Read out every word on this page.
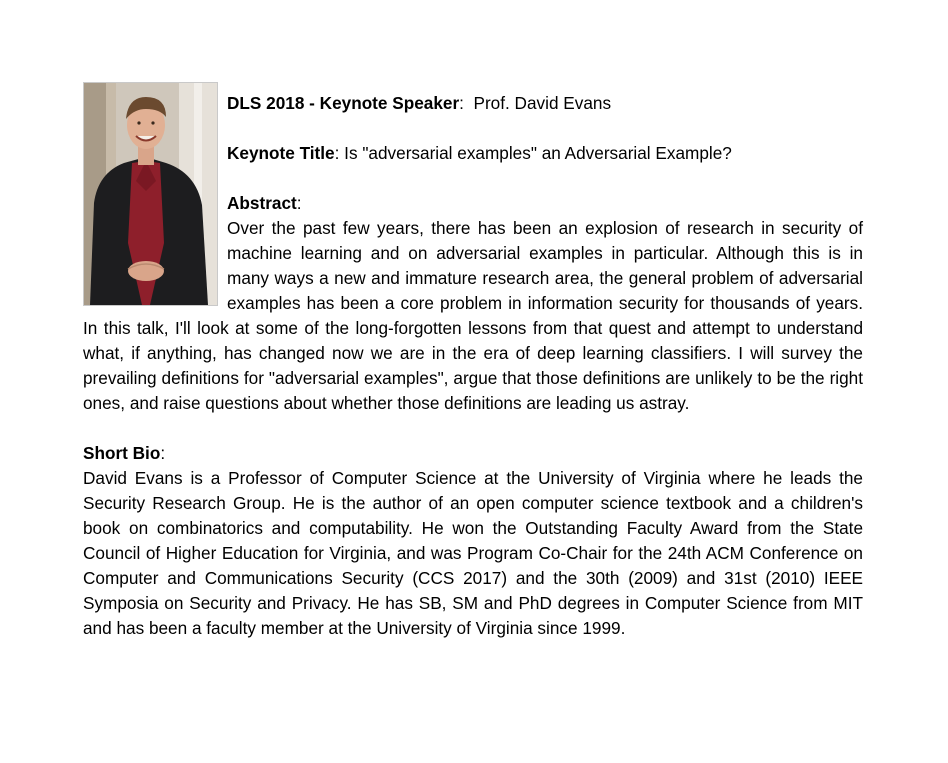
DLS 2018 - Keynote Speaker: Prof. David Evans

Keynote Title: Is "adversarial examples" an Adversarial Example?

Abstract:

Over the past few years, there has been an explosion of research in security of machine learning and on adversarial examples in particular. Although this is in many ways a new and immature research area, the general problem of adversarial examples has been a core problem in information security for thousands of years. In this talk, I'll look at some of the long-forgotten lessons from that quest and attempt to understand what, if anything, has changed now we are in the era of deep learning classifiers. I will survey the prevailing definitions for "adversarial examples", argue that those definitions are unlikely to be the right ones, and raise questions about whether those definitions are leading us astray.

Short Bio:

David Evans is a Professor of Computer Science at the University of Virginia where he leads the Security Research Group. He is the author of an open computer science textbook and a children's book on combinatorics and computability. He won the Outstanding Faculty Award from the State Council of Higher Education for Virginia, and was Program Co-Chair for the 24th ACM Conference on Computer and Communications Security (CCS 2017) and the 30th (2009) and 31st (2010) IEEE Symposia on Security and Privacy. He has SB, SM and PhD degrees in Computer Science from MIT and has been a faculty member at the University of Virginia since 1999.
